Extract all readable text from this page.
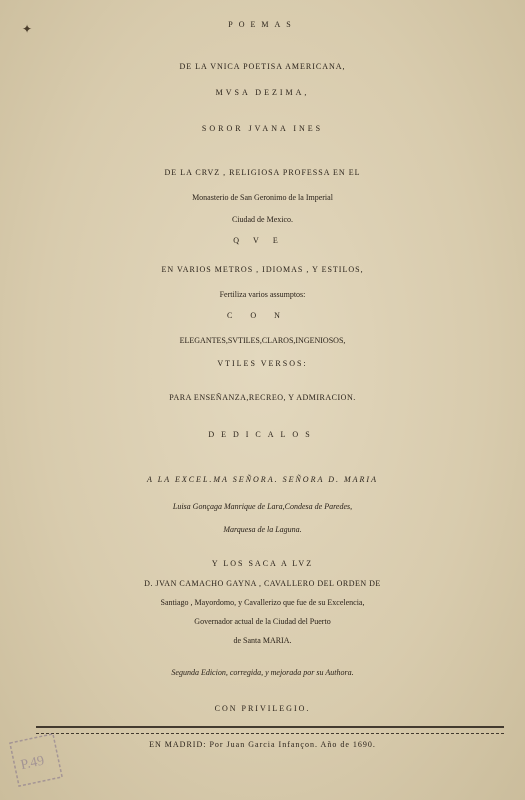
✦	POEMAS
DE LA VNICA POETISA AMERICANA,
MVSA DEZIMA,
SOROR JVANA INES
DE LA CRVZ , RELIGIOSA PROFESSA EN EL
Monasterio de San Geronimo de la Imperial
Ciudad de Mexico.
QVE
EN VARIOS METROS , IDIOMAS , Y ESTILOS,
Fertiliza varios assumptos:
CON
ELEGANTES,SVTILES,CLAROS,INGENIOSOS,
VTILES VERSOS:
PARA ENSEÑANZA,RECREO, Y ADMIRACION.
DEDICALOS
A LA EXCEL.MA SEÑORA. SEÑORA D. MARIA
Luisa Gonçaga Manrique de Lara,Condesa de Paredes,
Marquesa de la Laguna.
Y LOS SACA A LVZ
D. JVAN CAMACHO GAYNA , CAVALLERO DEL ORDEN DE
Santiago , Mayordomo, y Cavallerizo que fue de su Excelencia,
Governador actual de la Ciudad del Puerto
de Santa MARIA.
Segunda Edicion, corregida, y mejorada por su Authora.
CON PRIVILEGIO.
EN MADRID: Por Juan Garcia Infançon. Año de 1690.
P.49
